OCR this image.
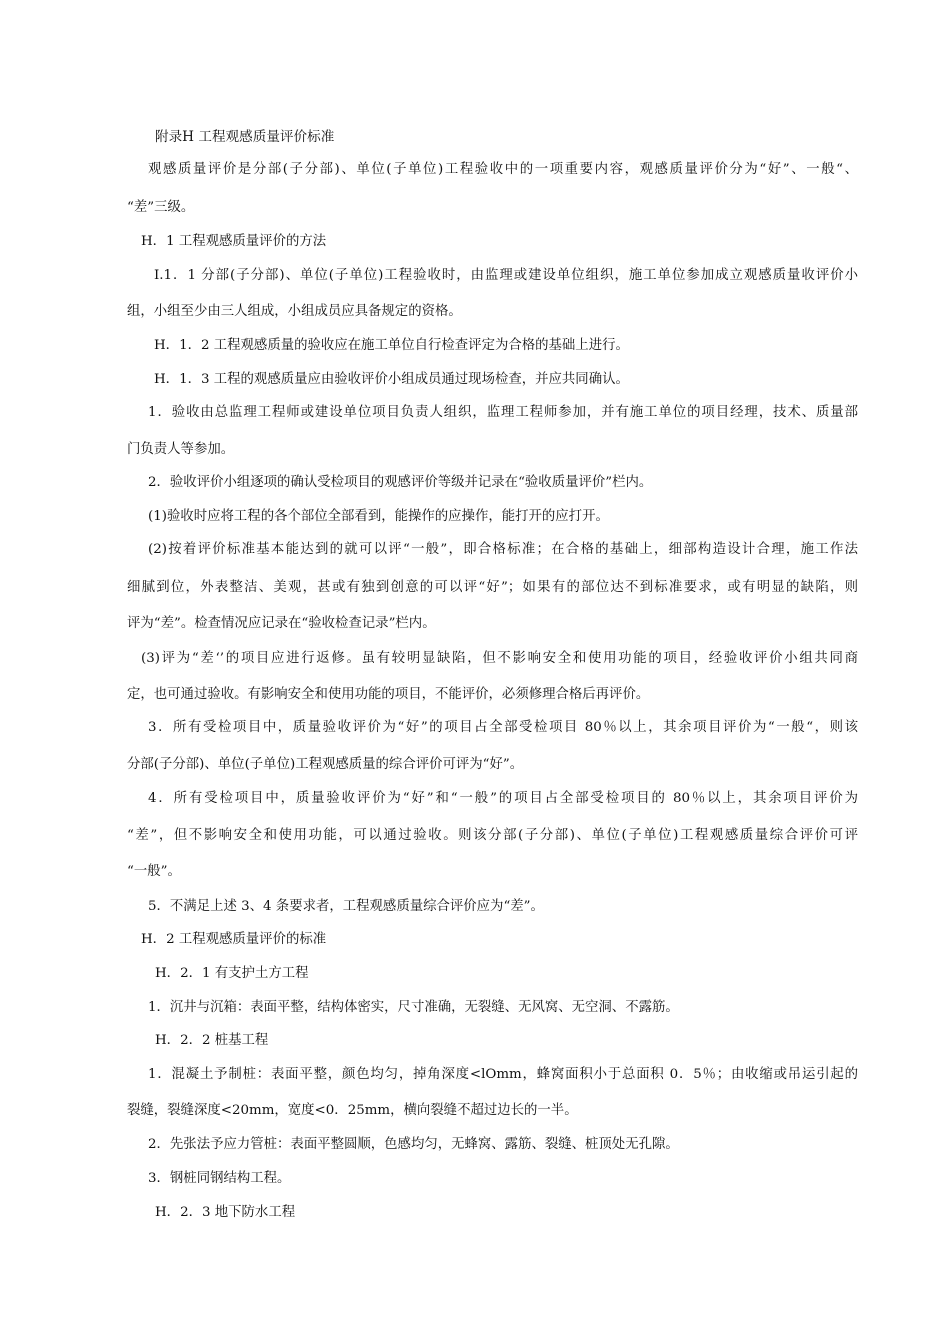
附录H 工程观感质量评价标准
观感质量评价是分部(子分部)、单位(子单位)工程验收中的一项重要内容，观感质量评价分为“好”、一般“、
“差”三级。
H．1 工程观感质量评价的方法
I.1．1 分部(子分部)、单位(子单位)工程验收时，由监理或建设单位组织，施工单位参加成立观感质量收评价小
组，小组至少由三人组成，小组成员应具备规定的资格。
H．1．2 工程观感质量的验收应在施工单位自行检查评定为合格的基础上进行。
H．1．3 工程的观感质量应由验收评价小组成员通过现场检查，并应共同确认。
1．验收由总监理工程师或建设单位项目负责人组织，监理工程师参加，并有施工单位的项目经理，技术、质量部
门负责人等参加。
2．验收评价小组逐项的确认受检项目的观感评价等级并记录在“验收质量评价”栏内。
(1)验收时应将工程的各个部位全部看到，能操作的应操作，能打开的应打开。
(2)按着评价标准基本能达到的就可以评“一般”，即合格标准；在合格的基础上，细部构造设计合理，施工作法
细腻到位，外表整洁、美观，甚或有独到创意的可以评“好”；如果有的部位达不到标准要求，或有明显的缺陷，则
评为“差”。检查情况应记录在“验收检查记录”栏内。
(3)评为“差‘’的项目应进行返修。虽有较明显缺陷，但不影响安全和使用功能的项目，经验收评价小组共同商
定，也可通过验收。有影响安全和使用功能的项目，不能评价，必须修理合格后再评价。
3．所有受检项目中，质量验收评价为“好”的项目占全部受检项目 80％以上，其余项目评价为“一般“，则该
分部(子分部)、单位(子单位)工程观感质量的综合评价可评为“好”。
4．所有受检项目中，质量验收评价为“好”和“一般”的项目占全部受检项目的 80％以上，其余项目评价为
“差”，但不影响安全和使用功能，可以通过验收。则该分部(子分部)、单位(子单位)工程观感质量综合评价可评
“一般”。
5．不满足上述 3、4 条要求者，工程观感质量综合评价应为“差”。
H．2 工程观感质量评价的标准
H．2．1 有支护土方工程
1．沉井与沉箱：表面平整，结构体密实，尺寸准确，无裂缝、无风窝、无空洞、不露筋。
H．2．2 桩基工程
1．混凝土予制桩：表面平整，颜色均匀，掉角深度<lOmm，蜂窝面积小于总面积 0．5％；由收缩或吊运引起的
裂缝，裂缝深度<20mm，宽度<0．25mm，横向裂缝不超过边长的一半。
2．先张法予应力管桩：表面平整圆顺，色感均匀，无蜂窝、露筋、裂缝、桩顶处无孔隙。
3．钢桩同钢结构工程。
H．2．3 地下防水工程
